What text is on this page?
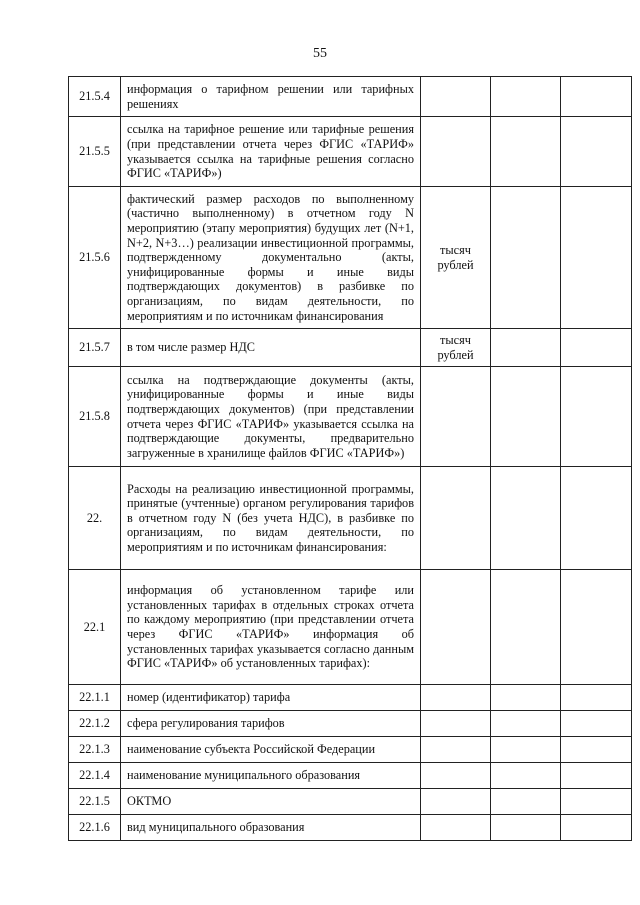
55
21.5.4	информация о тарифном решении или тарифных решениях			
21.5.5	ссылка на тарифное решение или тарифные решения (при представлении отчета через ФГИС «ТАРИФ» указывается ссылка на тарифные решения согласно ФГИС «ТАРИФ»)			
21.5.6	фактический размер расходов по выполненному (частично выполненному) в отчетном году N мероприятию (этапу мероприятия) будущих лет (N+1, N+2, N+3…) реализации инвестиционной программы, подтвержденному документально (акты, унифицированные формы и иные виды подтверждающих документов) в разбивке по организациям, по видам деятельности, по мероприятиям и по источникам финансирования	тысяч рублей		
21.5.7	в том числе размер НДС	тысяч рублей		
21.5.8	ссылка на подтверждающие документы (акты, унифицированные формы и иные виды подтверждающих документов) (при представлении отчета через ФГИС «ТАРИФ» указывается ссылка на подтверждающие документы, предварительно загруженные в хранилище файлов ФГИС «ТАРИФ»)			
22.	Расходы на реализацию инвестиционной программы, принятые (учтенные) органом регулирования тарифов в отчетном году N (без учета НДС), в разбивке по организациям, по видам деятельности, по мероприятиям и по источникам финансирования:			
22.1	информация об установленном тарифе или установленных тарифах в отдельных строках отчета по каждому мероприятию (при представлении отчета через ФГИС «ТАРИФ» информация об установленных тарифах указывается согласно данным ФГИС «ТАРИФ» об установленных тарифах):			
22.1.1	номер (идентификатор) тарифа			
22.1.2	сфера регулирования тарифов			
22.1.3	наименование субъекта Российской Федерации			
22.1.4	наименование муниципального образования			
22.1.5	ОКТМО			
22.1.6	вид муниципального образования			
